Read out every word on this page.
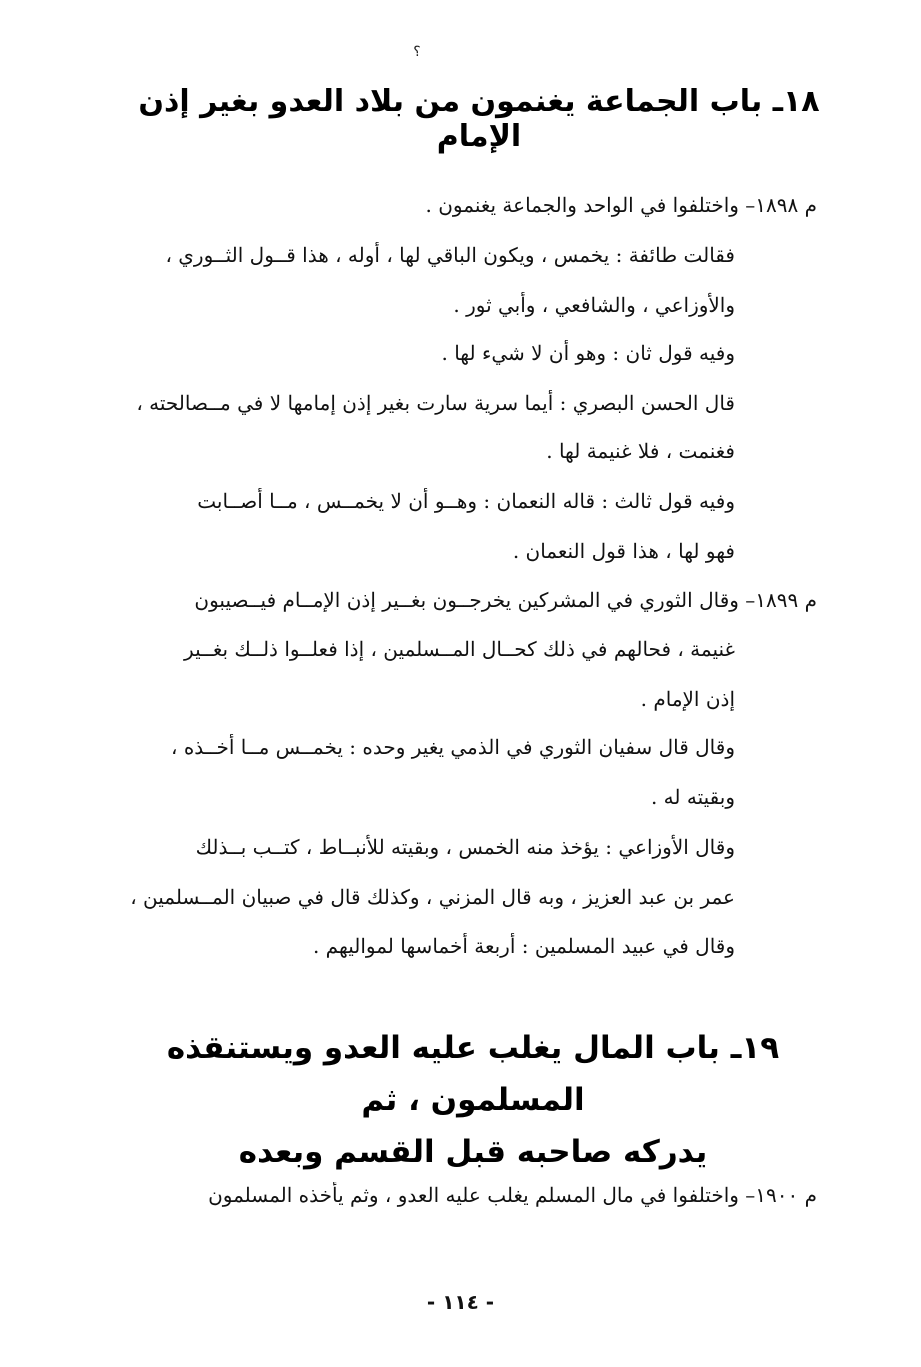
؟
١٨ـ باب الجماعة يغنمون من بلاد العدو بغير إذن الإمام
م ١٨٩٨– واختلفوا في الواحد والجماعة يغنمون .
فقالت طائفة : يخمس ، ويكون الباقي لها ، أوله ، هذا قــول الثــوري ،
والأوزاعي ، والشافعي ، وأبي ثور .
وفيه قول ثان : وهو أن لا شيء لها .
قال الحسن البصري : أيما سرية سارت بغير إذن إمامها لا في مــصالحته ،
فغنمت ، فلا غنيمة لها .
وفيه قول ثالث : قاله النعمان : وهــو أن لا يخمــس ، مــا أصــابت
فهو لها ، هذا قول النعمان .
م ١٨٩٩– وقال الثوري في المشركين يخرجــون بغــير إذن الإمــام فيــصيبون
غنيمة ، فحالهم في ذلك كحــال المــسلمين ، إذا فعلــوا ذلــك بغــير
إذن الإمام .
وقال قال سفيان الثوري في الذمي يغير وحده : يخمــس مــا أخــذه ،
وبقيته له .
وقال الأوزاعي : يؤخذ منه الخمس ، وبقيته للأنبــاط ، كتــب بــذلك
عمر بن عبد العزيز ، وبه قال المزني ، وكذلك قال في صبيان المــسلمين ،
وقال في عبيد المسلمين : أربعة أخماسها لمواليهم .
١٩ـ باب المال يغلب عليه العدو ويستنقذه المسلمون ، ثم
يدركه صاحبه قبل القسم وبعده
م ١٩٠٠– واختلفوا في مال المسلم يغلب عليه العدو ، وثم يأخذه المسلمون
- ١١٤ -
